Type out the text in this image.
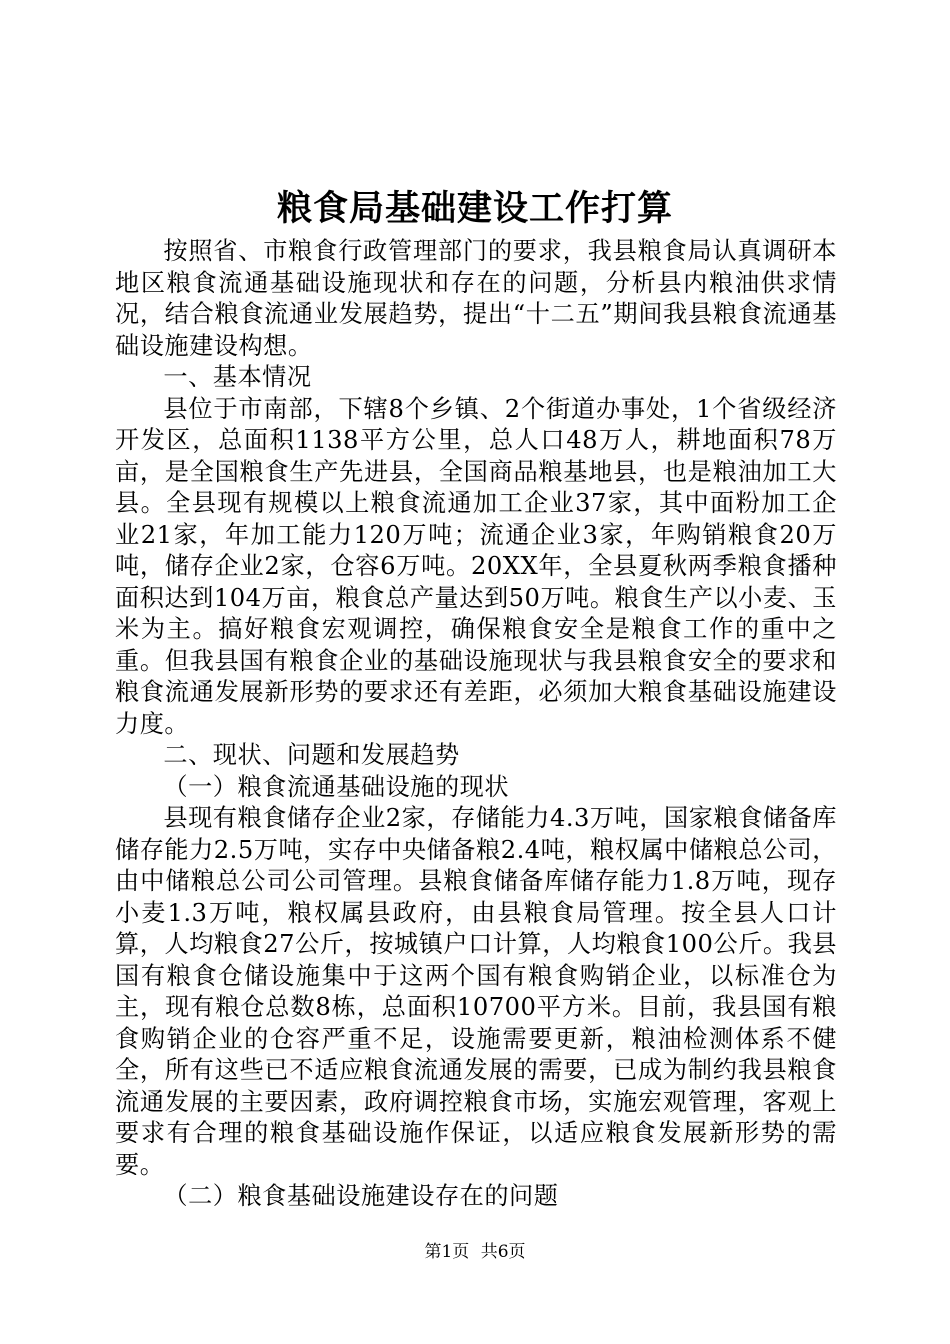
粮食局基础建设工作打算

按照省、市粮食行政管理部门的要求，我县粮食局认真调研本地区粮食流通基础设施现状和存在的问题，分析县内粮油供求情况，结合粮食流通业发展趋势，提出“十二五”期间我县粮食流通基础设施建设构想。

一、基本情况

县位于市南部，下辖8个乡镇、2个街道办事处，1个省级经济开发区，总面积1138平方公里，总人口48万人，耕地面积78万亩，是全国粮食生产先进县，全国商品粮基地县，也是粮油加工大县。全县现有规模以上粮食流通加工企业37家，其中面粉加工企业21家，年加工能力120万吨；流通企业3家，年购销粮食20万吨，储存企业2家，仓容6万吨。20XX年，全县夏秋两季粮食播种面积达到104万亩，粮食总产量达到50万吨。粮食生产以小麦、玉米为主。搞好粮食宏观调控，确保粮食安全是粮食工作的重中之重。但我县国有粮食企业的基础设施现状与我县粮食安全的要求和粮食流通发展新形势的要求还有差距，必须加大粮食基础设施建设力度。

二、现状、问题和发展趋势

（一）粮食流通基础设施的现状

县现有粮食储存企业2家，存储能力4.3万吨，国家粮食储备库储存能力2.5万吨，实存中央储备粮2.4吨，粮权属中储粮总公司，由中储粮总公司公司管理。县粮食储备库储存能力1.8万吨，现存小麦1.3万吨，粮权属县政府，由县粮食局管理。按全县人口计算，人均粮食27公斤，按城镇户口计算，人均粮食100公斤。我县国有粮食仓储设施集中于这两个国有粮食购销企业，以标准仓为主，现有粮仓总数8栋，总面积10700平方米。目前，我县国有粮食购销企业的仓容严重不足，设施需要更新，粮油检测体系不健全，所有这些已不适应粮食流通发展的需要，已成为制约我县粮食流通发展的主要因素，政府调控粮食市场，实施宏观管理，客观上要求有合理的粮食基础设施作保证，以适应粮食发展新形势的需要。

（二）粮食基础设施建设存在的问题

第1页 共6页
